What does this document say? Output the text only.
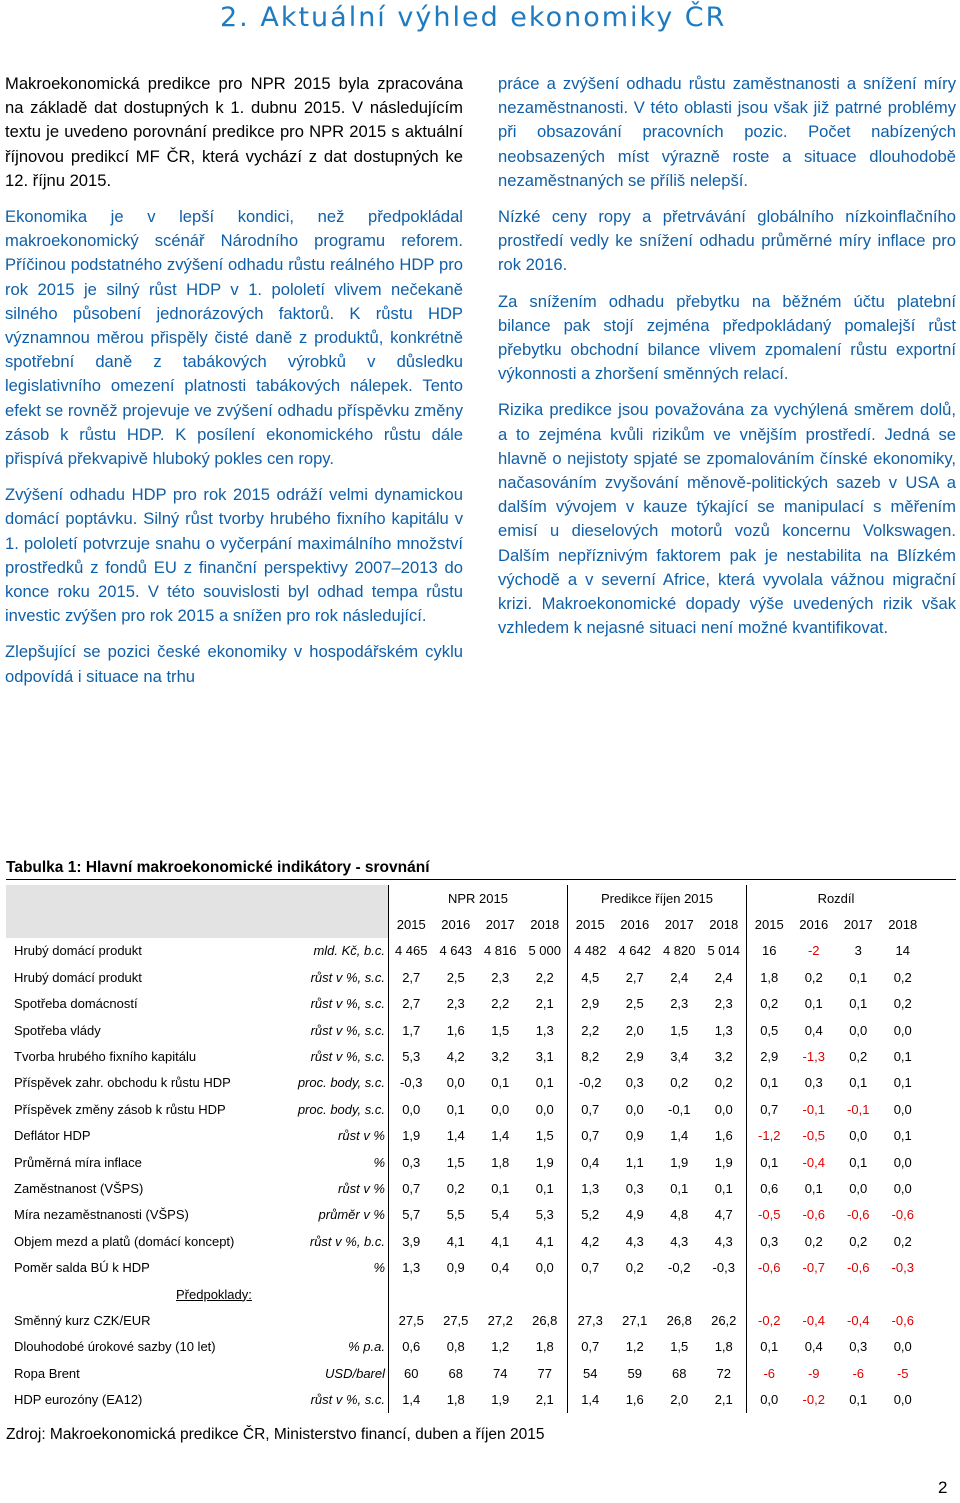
2. Aktuální výhled ekonomiky ČR

Makroekonomická predikce pro NPR 2015 byla zpracována na základě dat dostupných k 1. dubnu 2015. V následujícím textu je uvedeno porovnání predikce pro NPR 2015 s aktuální říjnovou predikcí MF ČR, která vychází z dat dostupných ke 12. říjnu 2015.

Ekonomika je v lepší kondici, než předpokládal makroekonomický scénář Národního programu reforem. Příčinou podstatného zvýšení odhadu růstu reálného HDP pro rok 2015 je silný růst HDP v 1. pololetí vlivem nečekaně silného působení jednorázových faktorů. K růstu HDP významnou měrou přispěly čisté daně z produktů, konkrétně spotřební daně z tabákových výrobků v důsledku legislativního omezení platnosti tabákových nálepek. Tento efekt se rovněž projevuje ve zvýšení odhadu příspěvku změny zásob k růstu HDP. K posílení ekonomického růstu dále přispívá překvapivě hluboký pokles cen ropy.

Zvýšení odhadu HDP pro rok 2015 odráží velmi dynamickou domácí poptávku. Silný růst tvorby hrubého fixního kapitálu v 1. pololetí potvrzuje snahu o vyčerpání maximálního množství prostředků z fondů EU z finanční perspektivy 2007–2013 do konce roku 2015. V této souvislosti byl odhad tempa růstu investic zvýšen pro rok 2015 a snížen pro rok následující.

Zlepšující se pozici české ekonomiky v hospodářském cyklu odpovídá i situace na trhu

práce a zvýšení odhadu růstu zaměstnanosti a snížení míry nezaměstnanosti. V této oblasti jsou však již patrné problémy při obsazování pracovních pozic. Počet nabízených neobsazených míst výrazně roste a situace dlouhodobě nezaměstnaných se příliš nelepší.

Nízké ceny ropy a přetrvávání globálního nízkoinflačního prostředí vedly ke snížení odhadu průměrné míry inflace pro rok 2016.

Za snížením odhadu přebytku na běžném účtu platební bilance pak stojí zejména předpokládaný pomalejší růst přebytku obchodní bilance vlivem zpomalení růstu exportní výkonnosti a zhoršení směnných relací.

Rizika predikce jsou považována za vychýlená směrem dolů, a to zejména kvůli rizikům ve vnějším prostředí. Jedná se hlavně o nejistoty spjaté se zpomalováním čínské ekonomiky, načasováním zvyšování měnově-politických sazeb v USA a dalším vývojem v kauze týkající se manipulací s měřením emisí u dieselových motorů vozů koncernu Volkswagen. Dalším nepříznivým faktorem pak je nestabilita na Blízkém východě a v severní Africe, která vyvolala vážnou migrační krizi. Makroekonomické dopady výše uvedených rizik však vzhledem k nejasné situaci není možné kvantifikovat.

Tabulka 1: Hlavní makroekonomické indikátory - srovnání
		NPR 2015				Predikce říjen 2015				Rozdíl			
		2015	2016	2017	2018	2015	2016	2017	2018	2015	2016	2017	2018
Hrubý domácí produkt	mld. Kč, b.c.	4 465	4 643	4 816	5 000	4 482	4 642	4 820	5 014	16	-2	3	14
Hrubý domácí produkt	růst v %, s.c.	2,7	2,5	2,3	2,2	4,5	2,7	2,4	2,4	1,8	0,2	0,1	0,2
Spotřeba domácností	růst v %, s.c.	2,7	2,3	2,2	2,1	2,9	2,5	2,3	2,3	0,2	0,1	0,1	0,2
Spotřeba vlády	růst v %, s.c.	1,7	1,6	1,5	1,3	2,2	2,0	1,5	1,3	0,5	0,4	0,0	0,0
Tvorba hrubého fixního kapitálu	růst v %, s.c.	5,3	4,2	3,2	3,1	8,2	2,9	3,4	3,2	2,9	-1,3	0,2	0,1
Příspěvek zahr. obchodu k růstu HDP	proc. body, s.c.	-0,3	0,0	0,1	0,1	-0,2	0,3	0,2	0,2	0,1	0,3	0,1	0,1
Příspěvek změny zásob k růstu HDP	proc. body, s.c.	0,0	0,1	0,0	0,0	0,7	0,0	-0,1	0,0	0,7	-0,1	-0,1	0,0
Deflátor HDP	růst v %	1,9	1,4	1,4	1,5	0,7	0,9	1,4	1,6	-1,2	-0,5	0,0	0,1
Průměrná míra inflace	%	0,3	1,5	1,8	1,9	0,4	1,1	1,9	1,9	0,1	-0,4	0,1	0,0
Zaměstnanost (VŠPS)	růst v %	0,7	0,2	0,1	0,1	1,3	0,3	0,1	0,1	0,6	0,1	0,0	0,0
Míra nezaměstnanosti (VŠPS)	průměr v %	5,7	5,5	5,4	5,3	5,2	4,9	4,8	4,7	-0,5	-0,6	-0,6	-0,6
Objem mezd a platů (domácí koncept)	růst v %, b.c.	3,9	4,1	4,1	4,1	4,2	4,3	4,3	4,3	0,3	0,2	0,2	0,2
Poměr salda BÚ k HDP	%	1,3	0,9	0,4	0,0	0,7	0,2	-0,2	-0,3	-0,6	-0,7	-0,6	-0,3
Předpoklady:													
Směnný kurz CZK/EUR		27,5	27,5	27,2	26,8	27,3	27,1	26,8	26,2	-0,2	-0,4	-0,4	-0,6
Dlouhodobé úrokové sazby (10 let)	% p.a.	0,6	0,8	1,2	1,8	0,7	1,2	1,5	1,8	0,1	0,4	0,3	0,0
Ropa Brent	USD/barel	60	68	74	77	54	59	68	72	-6	-9	-6	-5
HDP eurozóny (EA12)	růst v %, s.c.	1,4	1,8	1,9	2,1	1,4	1,6	2,0	2,1	0,0	-0,2	0,1	0,0
Zdroj: Makroekonomická predikce ČR, Ministerstvo financí, duben a říjen 2015
2
